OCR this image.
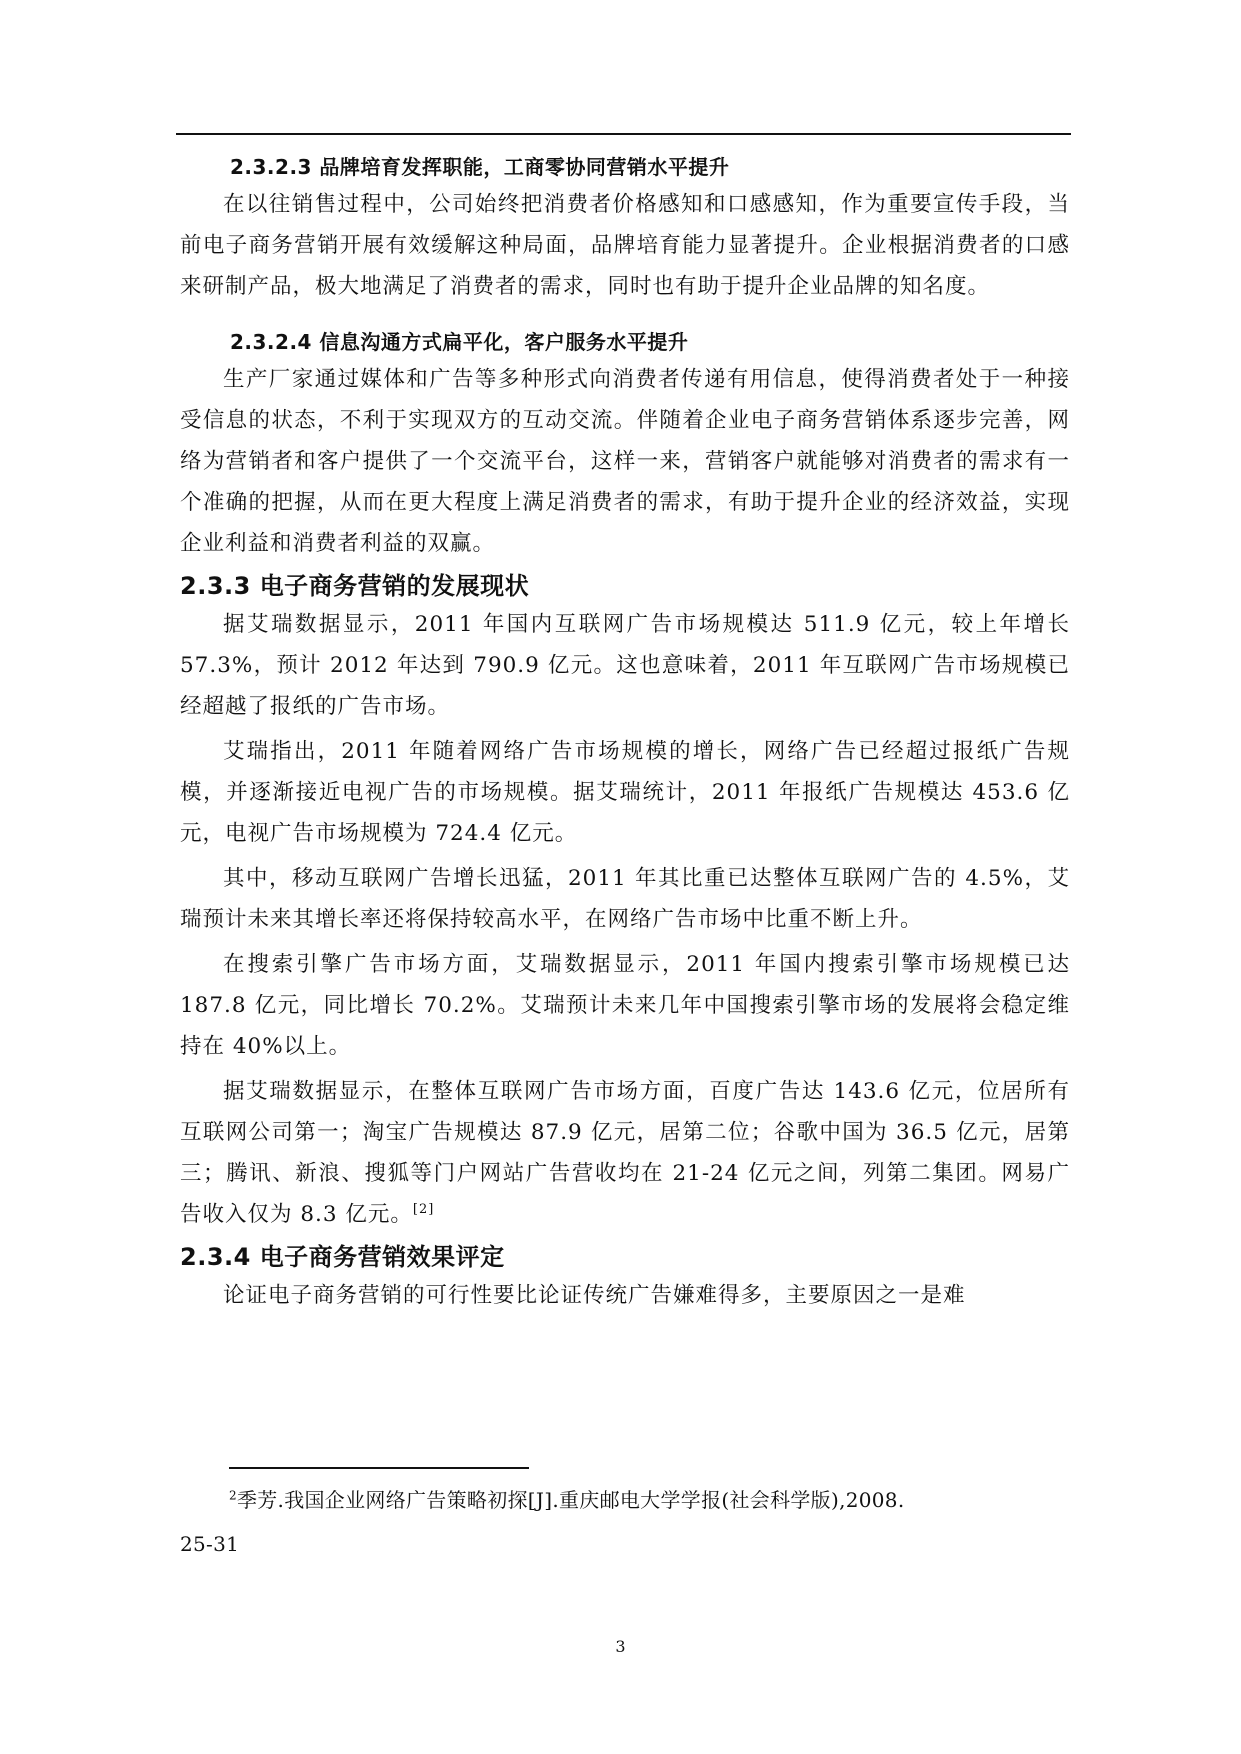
2.3.2.3 品牌培育发挥职能，工商零协同营销水平提升

在以往销售过程中，公司始终把消费者价格感知和口感感知，作为重要宣传手段，当前电子商务营销开展有效缓解这种局面，品牌培育能力显著提升。企业根据消费者的口感来研制产品，极大地满足了消费者的需求，同时也有助于提升企业品牌的知名度。

2.3.2.4 信息沟通方式扁平化，客户服务水平提升

生产厂家通过媒体和广告等多种形式向消费者传递有用信息，使得消费者处于一种接受信息的状态，不利于实现双方的互动交流。伴随着企业电子商务营销体系逐步完善，网络为营销者和客户提供了一个交流平台，这样一来，营销客户就能够对消费者的需求有一个准确的把握，从而在更大程度上满足消费者的需求，有助于提升企业的经济效益，实现企业利益和消费者利益的双赢。

2.3.3 电子商务营销的发展现状

据艾瑞数据显示，2011 年国内互联网广告市场规模达 511.9 亿元，较上年增长 57.3%，预计 2012 年达到 790.9 亿元。这也意味着，2011 年互联网广告市场规模已经超越了报纸的广告市场。

艾瑞指出，2011 年随着网络广告市场规模的增长，网络广告已经超过报纸广告规模，并逐渐接近电视广告的市场规模。据艾瑞统计，2011 年报纸广告规模达 453.6 亿元，电视广告市场规模为 724.4 亿元。

其中，移动互联网广告增长迅猛，2011 年其比重已达整体互联网广告的 4.5%，艾瑞预计未来其增长率还将保持较高水平，在网络广告市场中比重不断上升。

在搜索引擎广告市场方面，艾瑞数据显示，2011 年国内搜索引擎市场规模已达 187.8 亿元，同比增长 70.2%。艾瑞预计未来几年中国搜索引擎市场的发展将会稳定维持在 40%以上。

据艾瑞数据显示，在整体互联网广告市场方面，百度广告达 143.6 亿元，位居所有互联网公司第一；淘宝广告规模达 87.9 亿元，居第二位；谷歌中国为 36.5 亿元，居第三；腾讯、新浪、搜狐等门户网站广告营收均在 21-24 亿元之间，列第二集团。网易广告收入仅为 8.3 亿元。[2]

2.3.4 电子商务营销效果评定

论证电子商务营销的可行性要比论证传统广告嫌难得多，主要原因之一是难

$^2$季芳.我国企业网络广告策略初探[J].重庆邮电大学学报(社会科学版),2008.
25-31
3
